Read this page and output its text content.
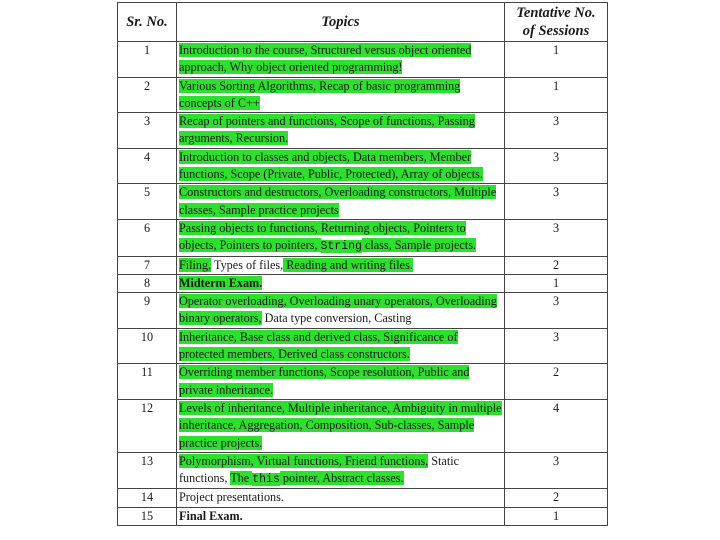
Sr. No.	Topics	Tentative No.
of Sessions
1	Introduction to the course, Structured versus object oriented approach, Why object oriented programming!	1
2	Various Sorting Algorithms, Recap of basic programming concepts of C++	1
3	Recap of pointers and functions, Scope of functions, Passing arguments, Recursion.	3
4	Introduction to classes and objects, Data members, Member functions, Scope (Private, Public, Protected), Array of objects.	3
5	Constructors and destructors, Overloading constructors, Multiple classes, Sample practice projects	3
6	Passing objects to functions, Returning objects, Pointers to objects, Pointers to pointers, String class, Sample projects.	3
7	Filing, Types of files, Reading and writing files.	2
8	Midterm Exam.	1
9	Operator overloading, Overloading unary operators, Overloading binary operators, Data type conversion, Casting	3
10	Inheritance, Base class and derived class, Significance of protected members, Derived class constructors.	3
11	Overriding member functions, Scope resolution, Public and private inheritance.	2
12	Levels of inheritance, Multiple inheritance, Ambiguity in multiple inheritance, Aggregation, Composition, Sub-classes, Sample practice projects.	4
13	Polymorphism, Virtual functions, Friend functions, Static functions, The this pointer, Abstract classes.	3
14	Project presentations.	2
15	Final Exam.	1
